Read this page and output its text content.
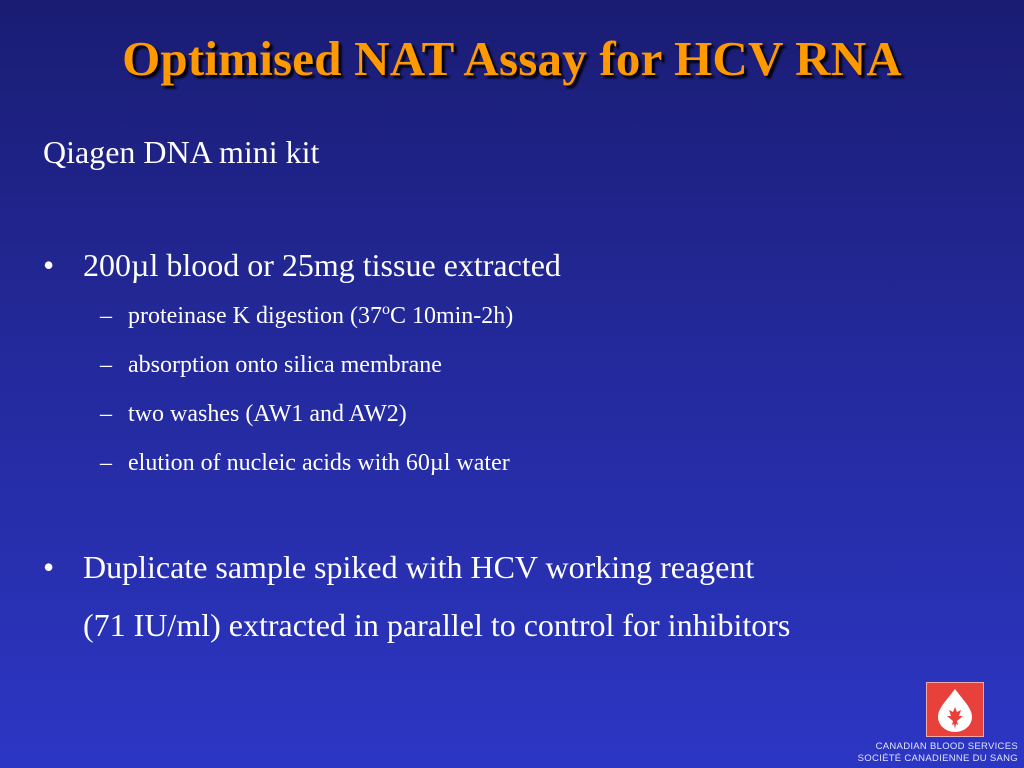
Optimised NAT Assay for HCV RNA
Qiagen DNA mini kit
• 200µl blood or 25mg tissue extracted
– proteinase K digestion (37$^o$C 10min-2h)
– absorption onto silica membrane
– two washes (AW1 and AW2)
– elution of nucleic acids with 60µl water
• Duplicate sample spiked with HCV working reagent
(71 IU/ml) extracted in parallel to control for inhibitors
CANADIAN BLOOD SERVICES
SOCIÉTÉ CANADIENNE DU SANG
